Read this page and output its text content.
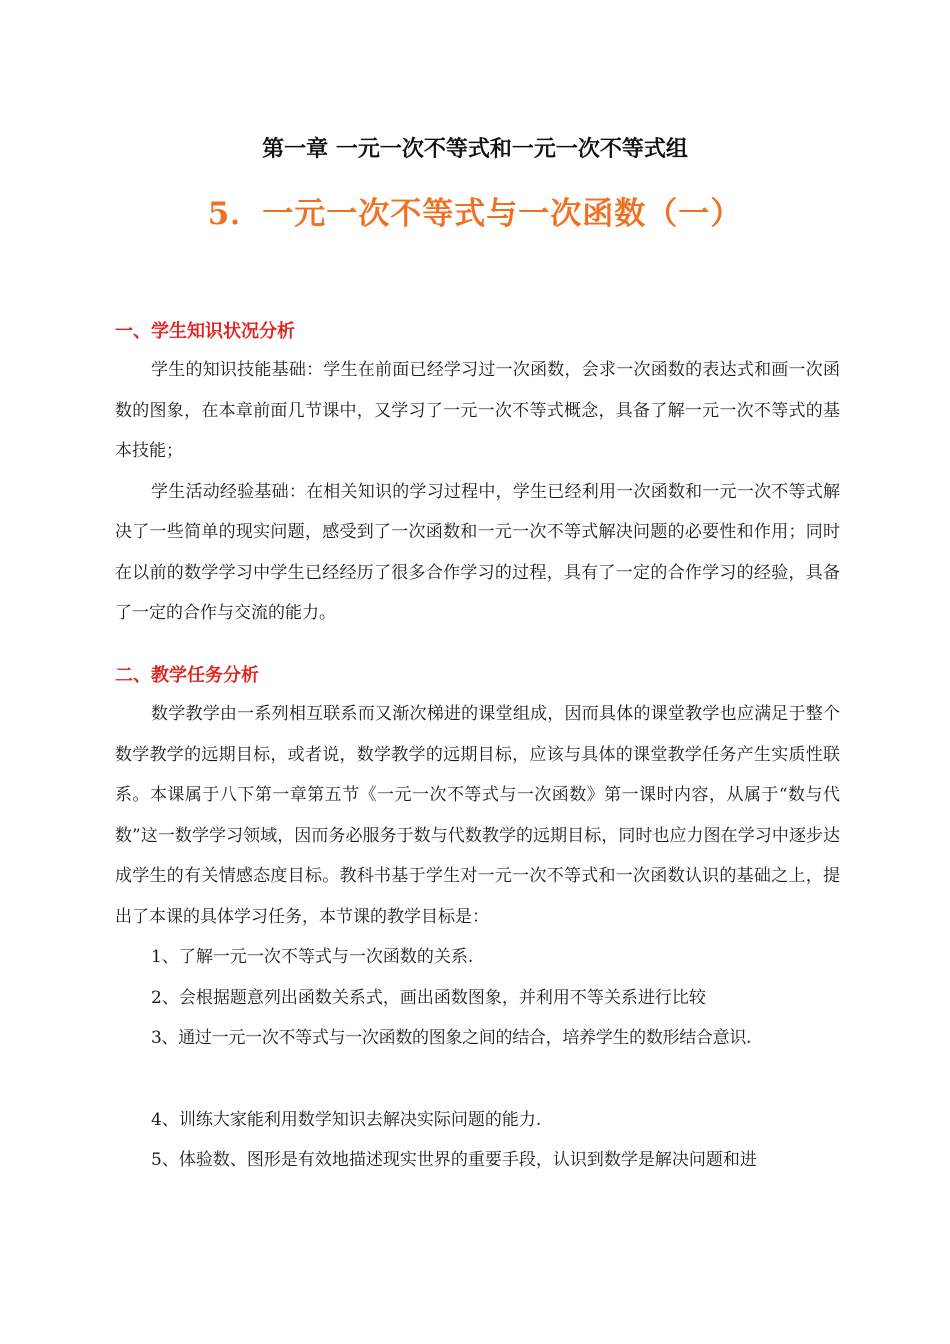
第一章 一元一次不等式和一元一次不等式组
5．一元一次不等式与一次函数（一）

一、学生知识状况分析

学生的知识技能基础：学生在前面已经学习过一次函数，会求一次函数的表达式和画一次函数的图象，在本章前面几节课中，又学习了一元一次不等式概念，具备了解一元一次不等式的基本技能；

学生活动经验基础：在相关知识的学习过程中，学生已经利用一次函数和一元一次不等式解决了一些简单的现实问题，感受到了一次函数和一元一次不等式解决问题的必要性和作用；同时在以前的数学学习中学生已经经历了很多合作学习的过程，具有了一定的合作学习的经验，具备了一定的合作与交流的能力。

二、教学任务分析

数学教学由一系列相互联系而又渐次梯进的课堂组成，因而具体的课堂教学也应满足于整个数学教学的远期目标，或者说，数学教学的远期目标，应该与具体的课堂教学任务产生实质性联系。本课属于八下第一章第五节《一元一次不等式与一次函数》第一课时内容，从属于“数与代数”这一数学学习领域，因而务必服务于数与代数教学的远期目标，同时也应力图在学习中逐步达成学生的有关情感态度目标。教科书基于学生对一元一次不等式和一次函数认识的基础之上，提出了本课的具体学习任务，本节课的教学目标是：

1、了解一元一次不等式与一次函数的关系.

2、会根据题意列出函数关系式，画出函数图象，并利用不等关系进行比较

3、通过一元一次不等式与一次函数的图象之间的结合，培养学生的数形结合意识.

4、训练大家能利用数学知识去解决实际问题的能力.

5、体验数、图形是有效地描述现实世界的重要手段，认识到数学是解决问题和进
